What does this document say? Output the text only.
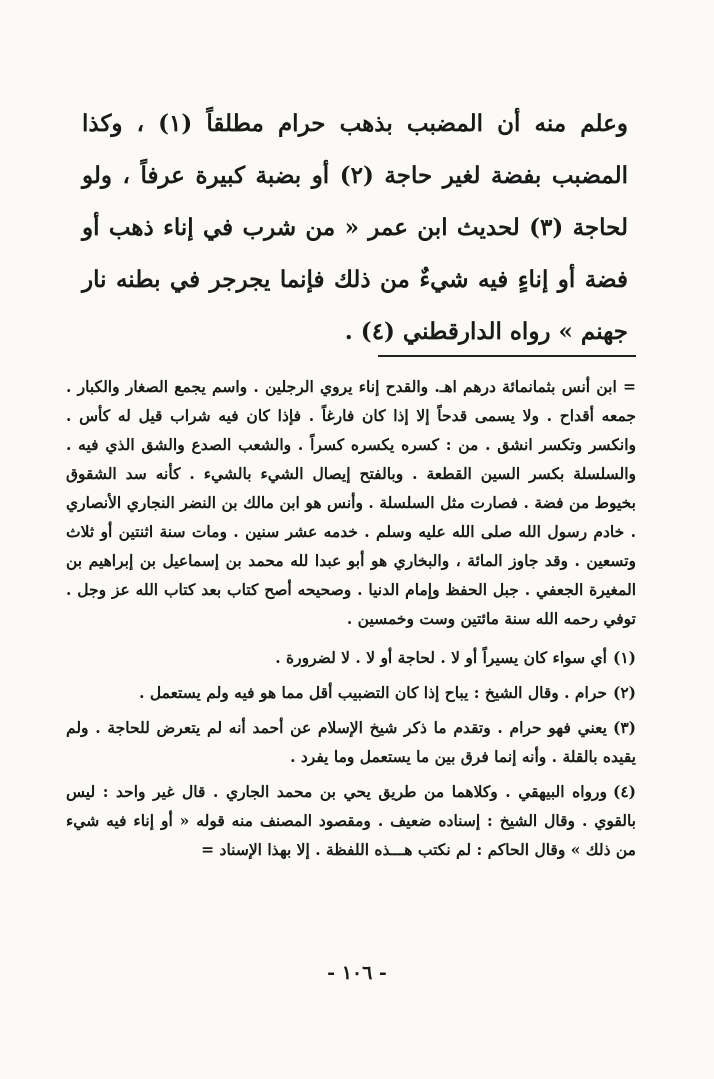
وعلم منه أن المضبب بذهب حرام مطلقاً (١) ، وكذا المضبب بفضة لغير حاجة (٢) أو بضبة كبيرة عرفاً ، ولو لحاجة (٣) لحديث ابن عمر « من شرب في إناء ذهب أو فضة أو إناءٍ فيه شيءٌ من ذلك فإنما يجرجر في بطنه نار جهنم » رواه الدارقطني (٤) .

= ابن أنس بثمانمائة درهم اهـ. والقدح إناء يروي الرجلين . واسم يجمع الصغار والكبار . جمعه أقداح . ولا يسمى قدحاً إلا إذا كان فارغاً . فإذا كان فيه شراب قيل له كأس . وانكسر وتكسر انشق . من : كسره يكسره كسراً . والشعب الصدع والشق الذي فيه . والسلسلة بكسر السين القطعة . وبالفتح إيصال الشيء بالشيء . كأنه سد الشقوق بخيوط من فضة . فصارت مثل السلسلة . وأنس هو ابن مالك بن النضر النجاري الأنصاري . خادم رسول الله صلى الله عليه وسلم . خدمه عشر سنين . ومات سنة اثنتين أو ثلاث وتسعين . وقد جاوز المائة ، والبخاري هو أبو عبدا لله محمد بن إسماعيل بن إبراهيم بن المغيرة الجعفي . جبل الحفظ وإمام الدنيا . وصحيحه أصح كتاب بعد كتاب الله عز وجل . توفي رحمه الله سنة مائتين وست وخمسين .

(١)أي سواء كان يسيراً أو لا . لحاجة أو لا . لا لضرورة .

(٢)حرام . وقال الشيخ : يباح إذا كان التضبيب أقل مما هو فيه ولم يستعمل .

(٣)يعني فهو حرام . وتقدم ما ذكر شيخ الإسلام عن أحمد أنه لم يتعرض للحاجة . ولم يقيده بالقلة . وأنه إنما فرق بين ما يستعمل وما يفرد .

(٤)ورواه البيهقي . وكلاهما من طريق يحي بن محمد الجاري . قال غير واحد : ليس بالقوي . وقال الشيخ : إسناده ضعيف . ومقصود المصنف منه قوله « أو إناء فيه شيء من ذلك » وقال الحاكم : لم نكتب هـــذه اللفظة . إلا بهذا الإسناد =

- ١٠٦ -
